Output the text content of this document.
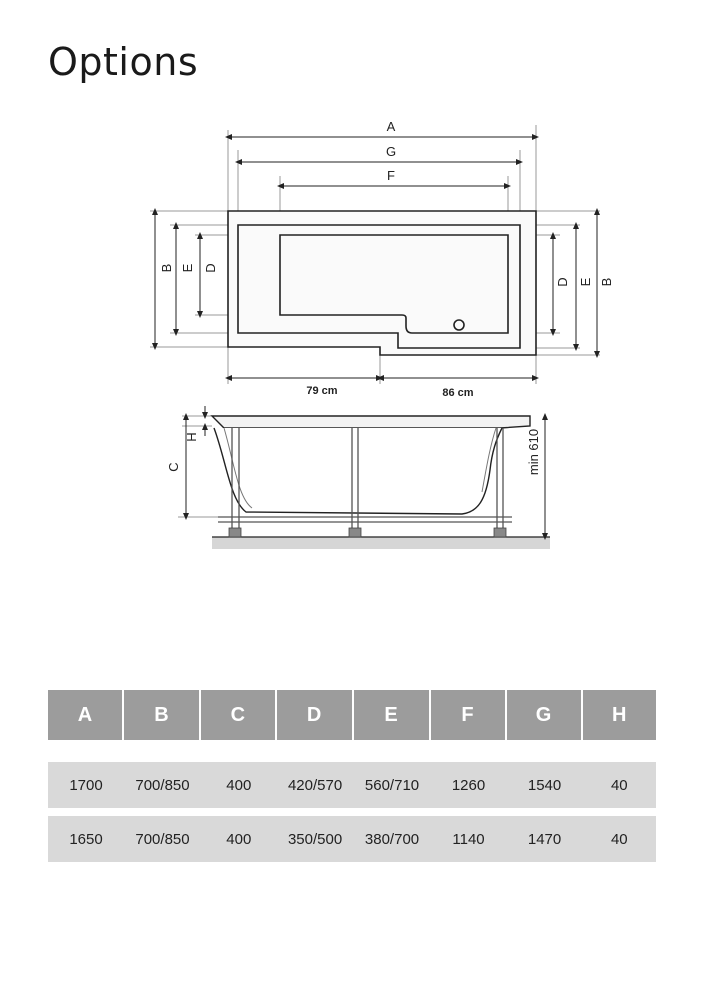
Options
A
G
F
B E D
D E B
79 cm	86 cm
C
H	min 610
A	B	C	D	E	F	G	H

1700	700/850	400	420/570	560/710	1260	1540	40

1650	700/850	400	350/500	380/700	1140	1470	40
